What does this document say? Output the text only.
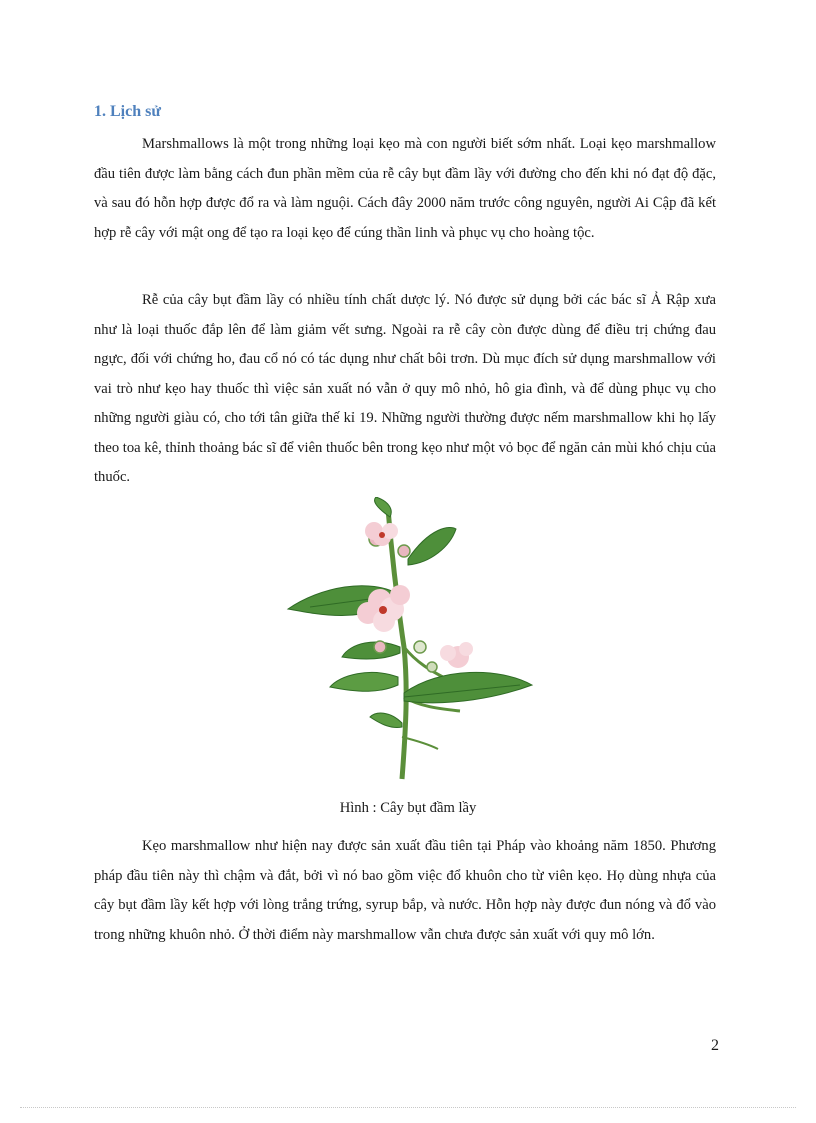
1. Lịch sử

Marshmallows là một trong những loại kẹo mà con người biết sớm nhất. Loại kẹo marshmallow đầu tiên được làm bằng cách đun phần mềm của rễ cây bụt đầm lầy với đường cho đến khi nó đạt độ đặc, và sau đó hỗn hợp được đổ ra và làm nguội. Cách đây 2000 năm trước công nguyên, người Ai Cập đã kết hợp rễ cây với mật ong để tạo ra loại kẹo để cúng thần linh và phục vụ cho hoàng tộc.

Rễ của cây bụt đầm lầy có nhiều tính chất dược lý. Nó được sử dụng bởi các bác sĩ Ả Rập xưa như là loại thuốc đắp lên để làm giảm vết sưng. Ngoài ra rễ cây còn được dùng để điều trị chứng đau ngực, đối với chứng ho, đau cổ nó có tác dụng như chất bôi trơn. Dù mục đích sử dụng marshmallow với vai trò như kẹo hay thuốc thì việc sản xuất nó vẫn ở quy mô nhỏ, hô gia đình, và để dùng phục vụ cho những người giàu có, cho tới tân giữa thế kỉ 19. Những người thường được nếm marshmallow khi họ lấy theo toa kê, thỉnh thoảng bác sĩ để viên thuốc bên trong kẹo như một vỏ bọc để ngăn cản mùi khó chịu của thuốc.

Hình : Cây bụt đầm lầy

Kẹo marshmallow như hiện nay được sản xuất đầu tiên tại Pháp vào khoảng năm 1850. Phương pháp đầu tiên này thì chậm và đắt, bởi vì nó bao gồm việc đổ khuôn cho từ viên kẹo. Họ dùng nhựa của cây bụt đầm lầy kết hợp với lòng trắng trứng, syrup bắp, và nước. Hỗn hợp này được đun nóng và đổ vào trong những khuôn nhỏ. Ở thời điểm này marshmallow vẫn chưa được sản xuất với quy mô lớn.

2
